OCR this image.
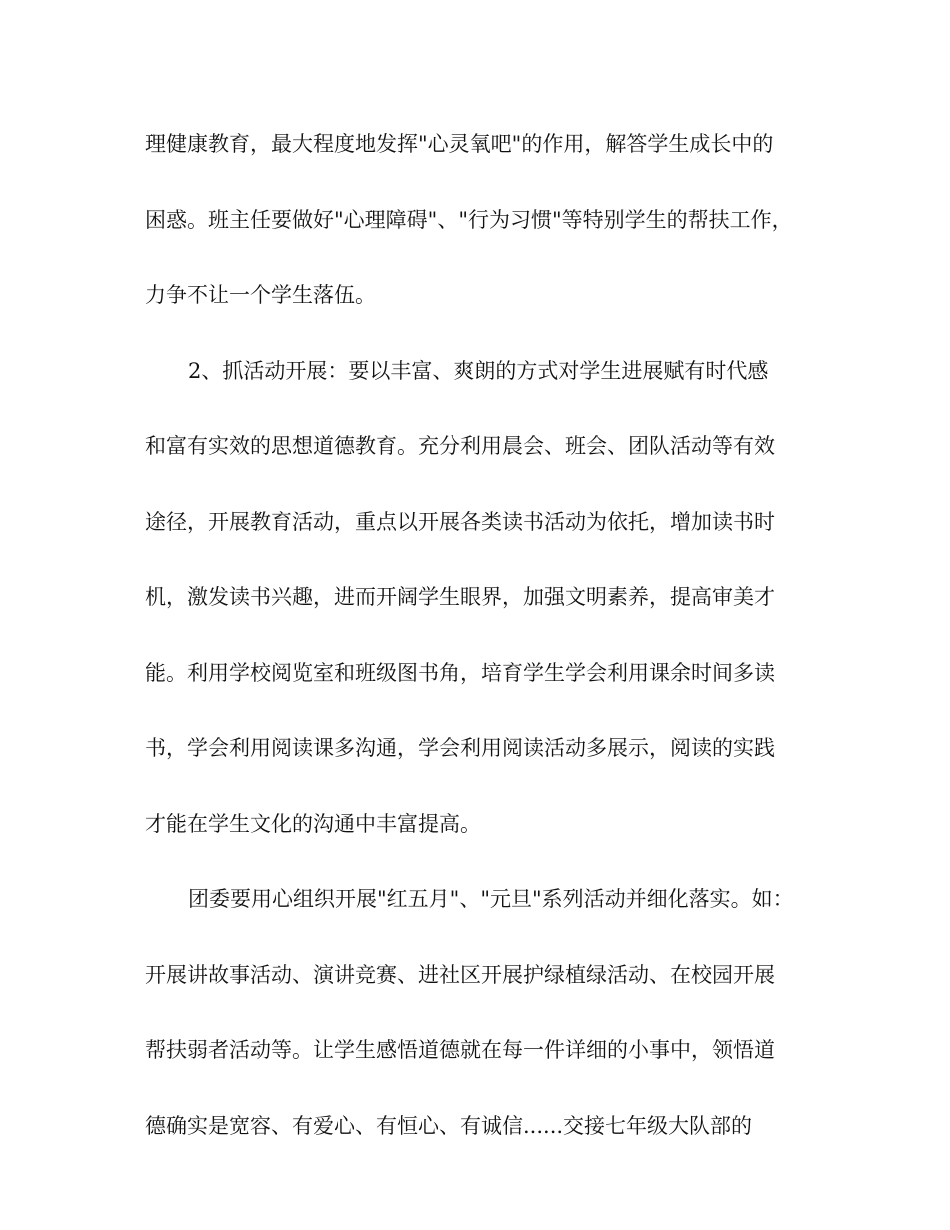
理健康教育，最大程度地发挥"心灵氧吧"的作用，解答学生成长中的
困惑。班主任要做好"心理障碍"、"行为习惯"等特别学生的帮扶工作，
力争不让一个学生落伍。
2、抓活动开展：要以丰富、爽朗的方式对学生进展赋有时代感
和富有实效的思想道德教育。充分利用晨会、班会、团队活动等有效
途径，开展教育活动，重点以开展各类读书活动为依托，增加读书时
机，激发读书兴趣，进而开阔学生眼界，加强文明素养，提高审美才
能。利用学校阅览室和班级图书角，培育学生学会利用课余时间多读
书，学会利用阅读课多沟通，学会利用阅读活动多展示，阅读的实践
才能在学生文化的沟通中丰富提高。
团委要用心组织开展"红五月"、"元旦"系列活动并细化落实。如：
开展讲故事活动、演讲竞赛、进社区开展护绿植绿活动、在校园开展
帮扶弱者活动等。让学生感悟道德就在每一件详细的小事中，领悟道
德确实是宽容、有爱心、有恒心、有诚信......交接七年级大队部的
